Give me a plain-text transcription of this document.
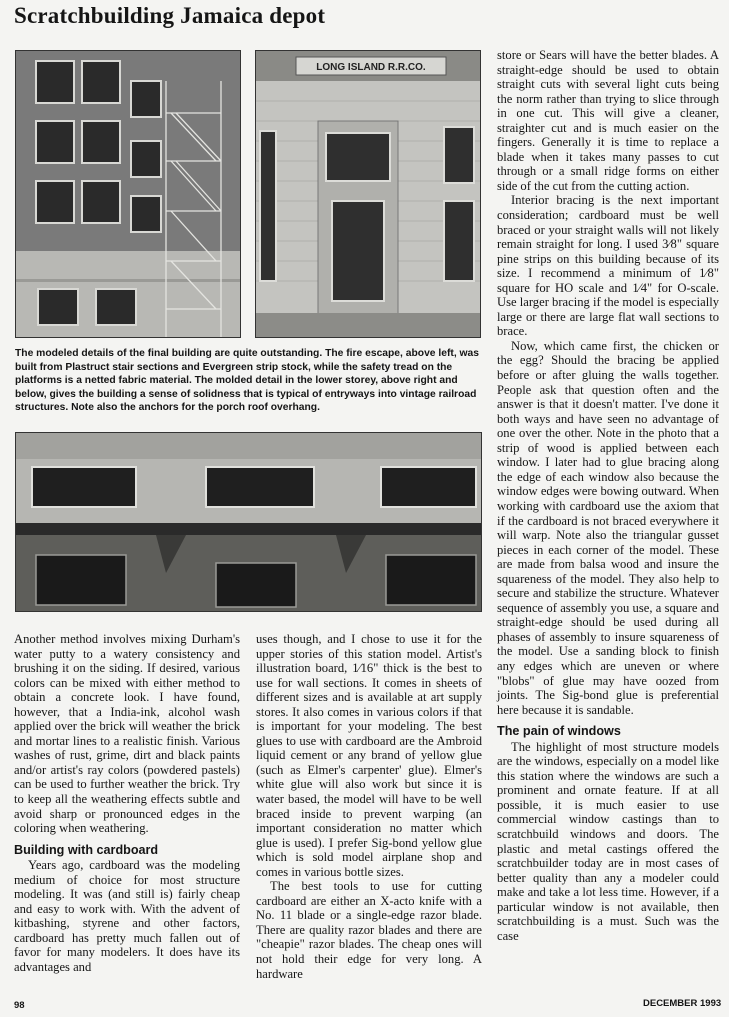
Scratchbuilding Jamaica depot
LONG ISLAND R.R.CO.

The modeled details of the final building are quite outstanding. The fire escape, above left, was built from Plastruct stair sections and Evergreen strip stock, while the safety tread on the platforms is a netted fabric material. The molded detail in the lower storey, above right and below, gives the building a sense of solidness that is typical of entryways into vintage railroad structures. Note also the anchors for the porch roof overhang.

Another method involves mixing Durham's water putty to a watery consistency and brushing it on the siding. If desired, various colors can be mixed with either method to obtain a concrete look. I have found, however, that a India-ink, alcohol wash applied over the brick will weather the brick and mortar lines to a realistic finish. Various washes of rust, grime, dirt and black paints and/or artist's ray colors (powdered pastels) can be used to further weather the brick. Try to keep all the weathering effects subtle and avoid sharp or pronounced edges in the coloring when weathering.

Building with cardboard

Years ago, cardboard was the modeling medium of choice for most structure modeling. It was (and still is) fairly cheap and easy to work with. With the advent of kitbashing, styrene and other factors, cardboard has pretty much fallen out of favor for many modelers. It does have its advantages and

uses though, and I chose to use it for the upper stories of this station model. Artist's illustration board, 1⁄16" thick is the best to use for wall sections. It comes in sheets of different sizes and is available at art supply stores. It also comes in various colors if that is important for your modeling. The best glues to use with cardboard are the Ambroid liquid cement or any brand of yellow glue (such as Elmer's carpenter' glue). Elmer's white glue will also work but since it is water based, the model will have to be well braced inside to prevent warping (an important consideration no matter which glue is used). I prefer Sig-bond yellow glue which is sold model airplane shop and comes in various bottle sizes.

The best tools to use for cutting cardboard are either an X-acto knife with a No. 11 blade or a single-edge razor blade. There are quality razor blades and there are "cheapie" razor blades. The cheap ones will not hold their edge for very long. A hardware

store or Sears will have the better blades. A straight-edge should be used to obtain straight cuts with several light cuts being the norm rather than trying to slice through in one cut. This will give a cleaner, straighter cut and is much easier on the fingers. Generally it is time to replace a blade when it takes many passes to cut through or a small ridge forms on either side of the cut from the cutting action.

Interior bracing is the next important consideration; cardboard must be well braced or your straight walls will not likely remain straight for long. I used 3⁄8" square pine strips on this building because of its size. I recommend a minimum of 1⁄8" square for HO scale and 1⁄4" for O-scale. Use larger bracing if the model is especially large or there are large flat wall sections to brace.

Now, which came first, the chicken or the egg? Should the bracing be applied before or after gluing the walls together. People ask that question often and the answer is that it doesn't matter. I've done it both ways and have seen no advantage of one over the other. Note in the photo that a strip of wood is applied between each window. I later had to glue bracing along the edge of each window also because the window edges were bowing outward. When working with cardboard use the axiom that if the cardboard is not braced everywhere it will warp. Note also the triangular gusset pieces in each corner of the model. These are made from balsa wood and insure the squareness of the model. They also help to secure and stabilize the structure. Whatever sequence of assembly you use, a square and straight-edge should be used during all phases of assembly to insure squareness of the model. Use a sanding block to finish any edges which are uneven or where "blobs" of glue may have oozed from joints. The Sig-bond glue is preferential here because it is sandable.

The pain of windows

The highlight of most structure models are the windows, especially on a model like this station where the windows are such a prominent and ornate feature. If at all possible, it is much easier to use commercial window castings than to scratchbuild windows and doors. The plastic and metal castings offered the scratchbuilder today are in most cases of better quality than any a modeler could make and take a lot less time. However, if a particular window is not available, then scratchbuilding is a must. Such was the case

98	DECEMBER 1993
